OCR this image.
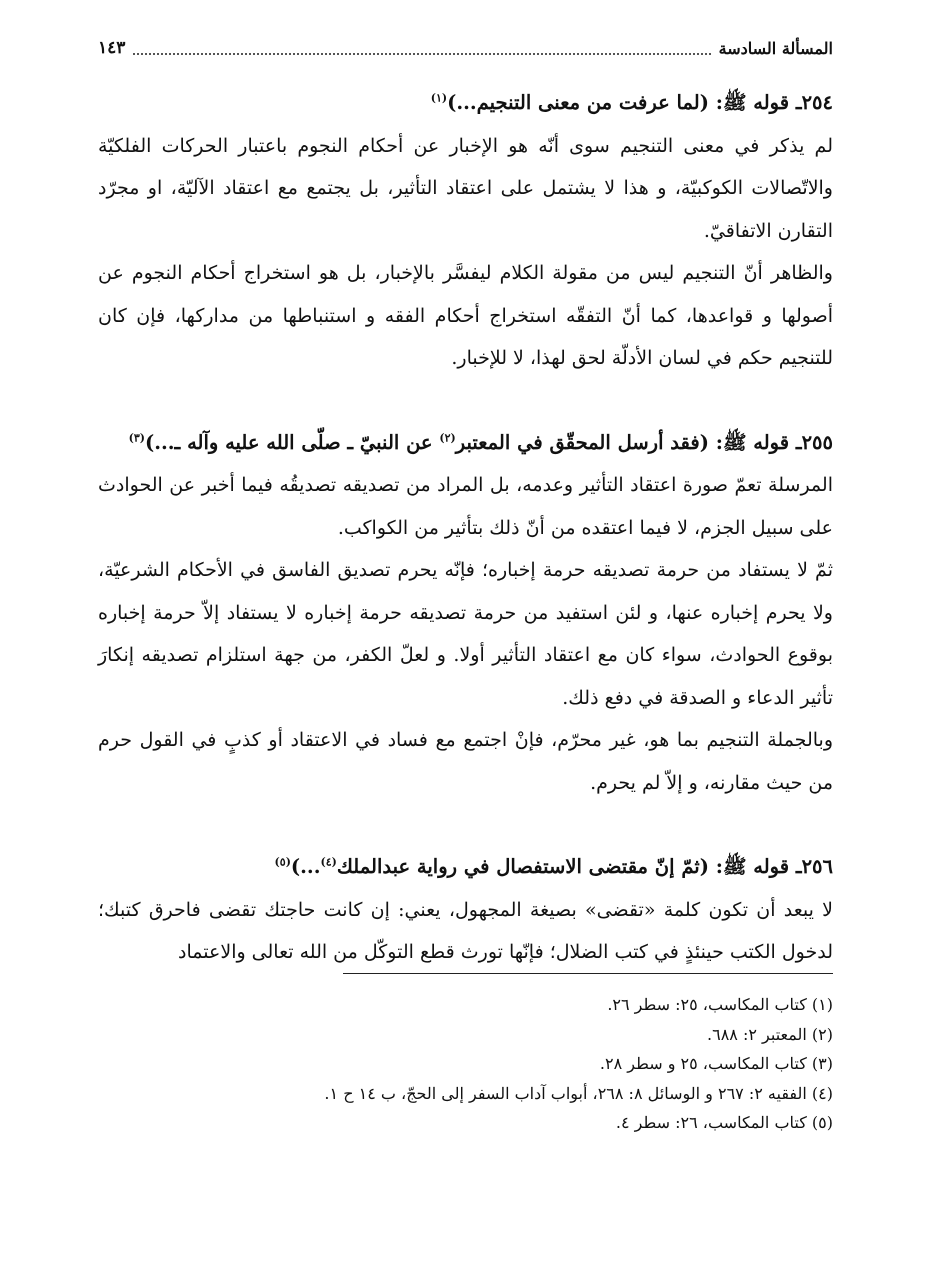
المسألة السادسة
١٤٣

٢٥٤ـ قوله ﷺ: (لما عرفت من معنى التنجيم...)$^{(١)}$

لم يذكر في معنى التنجيم سوى أنّه هو الإخبار عن أحكام النجوم باعتبار الحركات الفلكيّة والاتّصالات الكوكبيّة، و هذا لا يشتمل على اعتقاد التأثير، بل يجتمع مع اعتقاد الآليّة، او مجرّد التقارن الاتفاقيّ.

والظاهر أنّ التنجيم ليس من مقولة الكلام ليفسَّر بالإخبار، بل هو استخراج أحكام النجوم عن أصولها و قواعدها، كما أنّ التفقّه استخراج أحكام الفقه و استنباطها من مداركها، فإن كان للتنجيم حكم في لسان الأدلّة لحق لهذا، لا للإخبار.

٢٥٥ـ قوله ﷺ: (فقد أرسل المحقّق في المعتبر$^{(٢)}$ عن النبيّ ـ صلّى الله عليه وآله ـ...)$^{(٣)}$

المرسلة تعمّ صورة اعتقاد التأثير وعدمه، بل المراد من تصديقه تصديقُه فيما أخبر عن الحوادث على سبيل الجزم، لا فيما اعتقده من أنّ ذلك بتأثير من الكواكب.

ثمّ لا يستفاد من حرمة تصديقه حرمة إخباره؛ فإنّه يحرم تصديق الفاسق في الأحكام الشرعيّة، ولا يحرم إخباره عنها، و لئن استفيد من حرمة تصديقه حرمة إخباره لا يستفاد إلاّ حرمة إخباره بوقوع الحوادث، سواء كان مع اعتقاد التأثير أولا. و لعلّ الكفر، من جهة استلزام تصديقه إنكارَ تأثير الدعاء و الصدقة في دفع ذلك.

وبالجملة التنجيم بما هو، غير محرّم، فإنْ اجتمع مع فساد في الاعتقاد أو كذبٍ في القول حرم من حيث مقارنه، و إلاّ لم يحرم.

٢٥٦ـ قوله ﷺ: (ثمّ إنّ مقتضى الاستفصال في رواية عبدالملك$^{(٤)}$...)$^{(٥)}$

لا يبعد أن تكون كلمة «تقضى» بصيغة المجهول، يعني: إن كانت حاجتك تقضى فاحرق كتبك؛ لدخول الكتب حينئذٍ في كتب الضلال؛ فإنّها تورث قطع التوكّل من الله تعالى والاعتماد

(١) كتاب المكاسب، ٢٥: سطر ٢٦.
(٢) المعتبر ٢: ٦٨٨.
(٣) كتاب المكاسب، ٢٥ و سطر ٢٨.
(٤) الفقيه ٢: ٢٦٧ و الوسائل ٨: ٢٦٨، أبواب آداب السفر إلى الحجّ، ب ١٤ ح ١.
(٥) كتاب المكاسب، ٢٦: سطر ٤.
